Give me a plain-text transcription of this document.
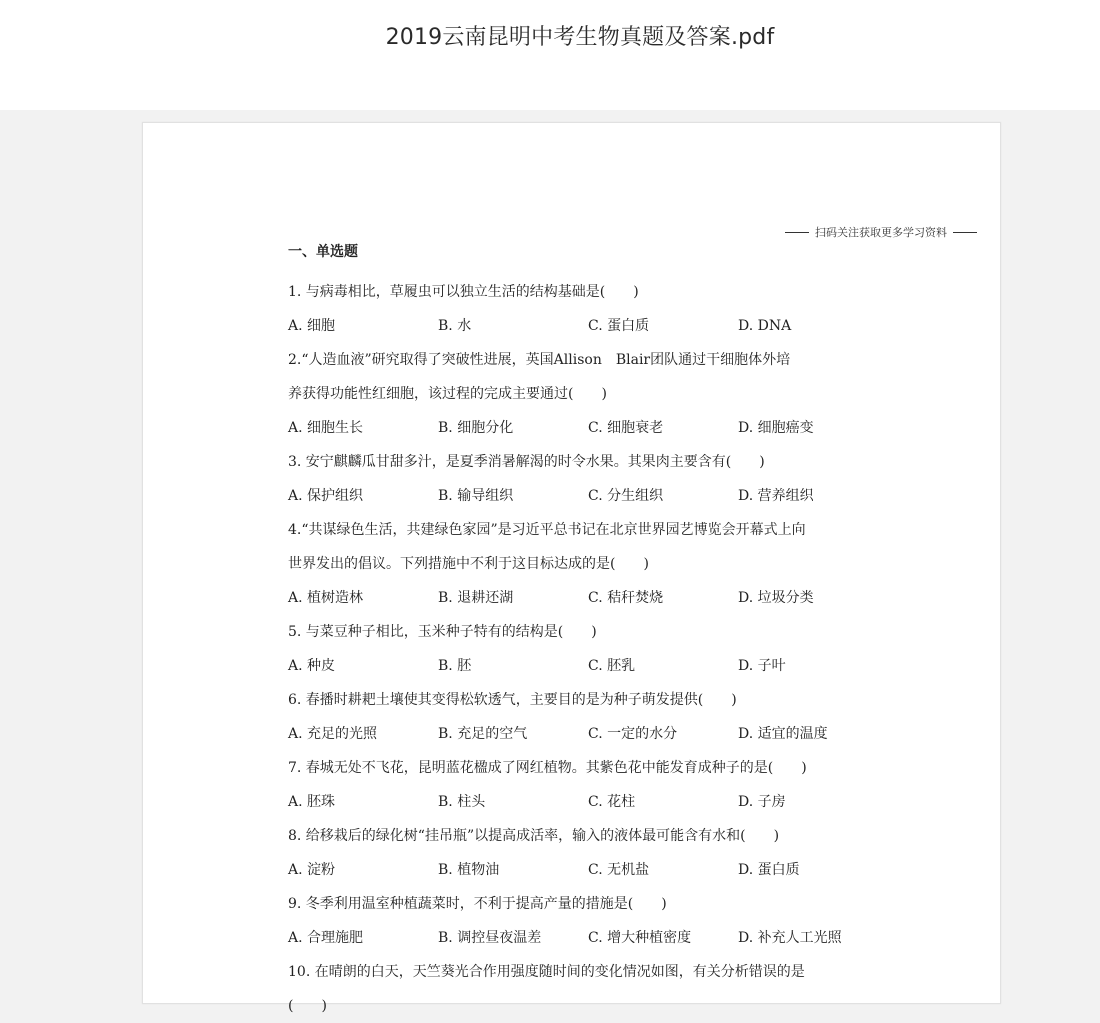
2019云南昆明中考生物真题及答案.pdf
扫码关注获取更多学习资料
一、单选题
1. 与病毒相比，草履虫可以独立生活的结构基础是(　　)
A. 细胞	B. 水	C. 蛋白质	D. DNA
2.“人造血液”研究取得了突破性进展，英国Allison　Blair团队通过干细胞体外培
养获得功能性红细胞，该过程的完成主要通过(　　)
A. 细胞生长	B. 细胞分化	C. 细胞衰老	D. 细胞癌变
3. 安宁麒麟瓜甘甜多汁，是夏季消暑解渴的时令水果。其果肉主要含有(　　)
A. 保护组织	B. 输导组织	C. 分生组织	D. 营养组织
4.“共谋绿色生活，共建绿色家园”是习近平总书记在北京世界园艺博览会开幕式上向
世界发出的倡议。下列措施中不利于这目标达成的是(　　)
A. 植树造林	B. 退耕还湖	C. 秸秆焚烧	D. 垃圾分类
5. 与菜豆种子相比，玉米种子特有的结构是(　　)
A. 种皮	B. 胚	C. 胚乳	D. 子叶
6. 春播时耕耙土壤使其变得松软透气，主要目的是为种子萌发提供(　　)
A. 充足的光照	B. 充足的空气	C. 一定的水分	D. 适宜的温度
7. 春城无处不飞花，昆明蓝花楹成了网红植物。其紫色花中能发育成种子的是(　　)
A. 胚珠	B. 柱头	C. 花柱	D. 子房
8. 给移栽后的绿化树“挂吊瓶”以提高成活率，输入的液体最可能含有水和(　　)
A. 淀粉	B. 植物油	C. 无机盐	D. 蛋白质
9. 冬季利用温室种植蔬菜时，不利于提高产量的措施是(　　)
A. 合理施肥	B. 调控昼夜温差	C. 增大种植密度	D. 补充人工光照
10. 在晴朗的白天，天竺葵光合作用强度随时间的变化情况如图，有关分析错误的是
(　　)
